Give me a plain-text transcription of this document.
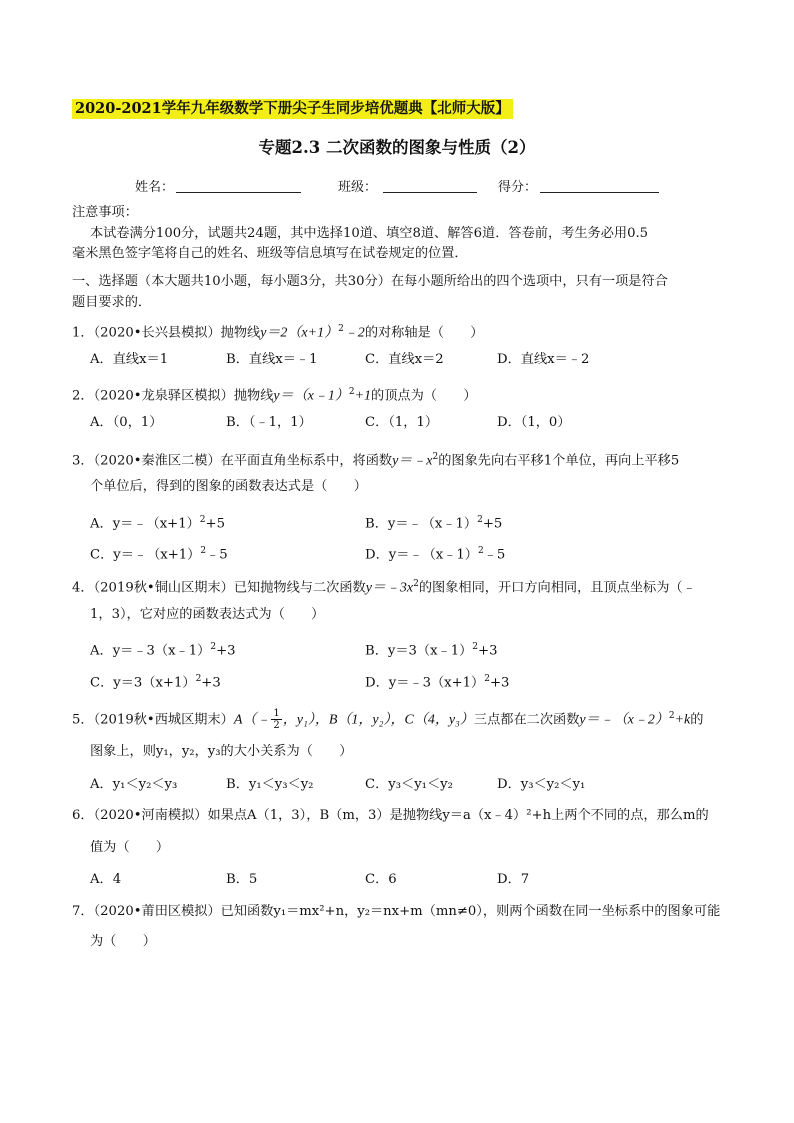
2020-2021学年九年级数学下册尖子生同步培优题典【北师大版】
专题2.3 二次函数的图象与性质（2）
姓名：	班级：	得分：
注意事项：
本试卷满分100分，试题共24题，其中选择10道、填空8道、解答6道．答卷前，考生务必用0.5
毫米黑色签字笔将自己的姓名、班级等信息填写在试卷规定的位置．
一、选择题（本大题共10小题，每小题3分，共30分）在每小题所给出的四个选项中，只有一项是符合
题目要求的．
1．（2020•长兴县模拟）抛物线$y=2(x+1)^2﹣2$的对称轴是（　　）
A．直线x＝1	B．直线x＝﹣1	C．直线x＝2	D．直线x＝﹣2
2．（2020•龙泉驿区模拟）抛物线y＝（x﹣1）$^2$+1的顶点为（　　）
A．（0，1）	B．（﹣1，1）	C．（1，1）	D．（1，0）
3．（2020•秦淮区二模）在平面直角坐标系中，将函数$y=﹣x^2$的图象先向右平移1个单位，再向上平移5
个单位后，得到的图象的函数表达式是（　　）
A．$y=﹣(x+1)^2+5$	B．y＝﹣（x﹣1）$^2$+5
C．$y=﹣(x+1)^2﹣5$	D．y＝﹣（x﹣1）$^2$﹣5
4．（2019秋•铜山区期末）已知抛物线与二次函数$y=﹣3x^2$的图象相同，开口方向相同，且顶点坐标为（﹣
1，3），它对应的函数表达式为（　　）
A．y＝﹣3（x﹣1）$^2$+3	B．y＝3（x﹣1）$^2$+3
C．$y=3(x+1)^2+3$	D．$y=﹣3(x+1)^2+3$
5．（2019秋•西城区期末）A（﹣ $\frac{1}{2}$ ，y₁），B（1，y₂），C（4，y₃）三点都在二次函数y＝﹣（x﹣2）$^2$+k的
图象上，则y₁，y₂，y₃的大小关系为（　　）
A．y₁＜y₂＜y₃	B．y₁＜y₃＜y₂	C．y₃＜y₁＜y₂	D．y₃＜y₂＜y₁
6．（2020•河南模拟）如果点A（1，3），B（m，3）是抛物线y＝a（x﹣4）²+h上两个不同的点，那么m的
值为（　　）
A．4	B．5	C．6	D．7
7．（2020•莆田区模拟）已知函数y₁＝mx²+n，y₂＝nx+m（mn≠0），则两个函数在同一坐标系中的图象可能
为（　　）
